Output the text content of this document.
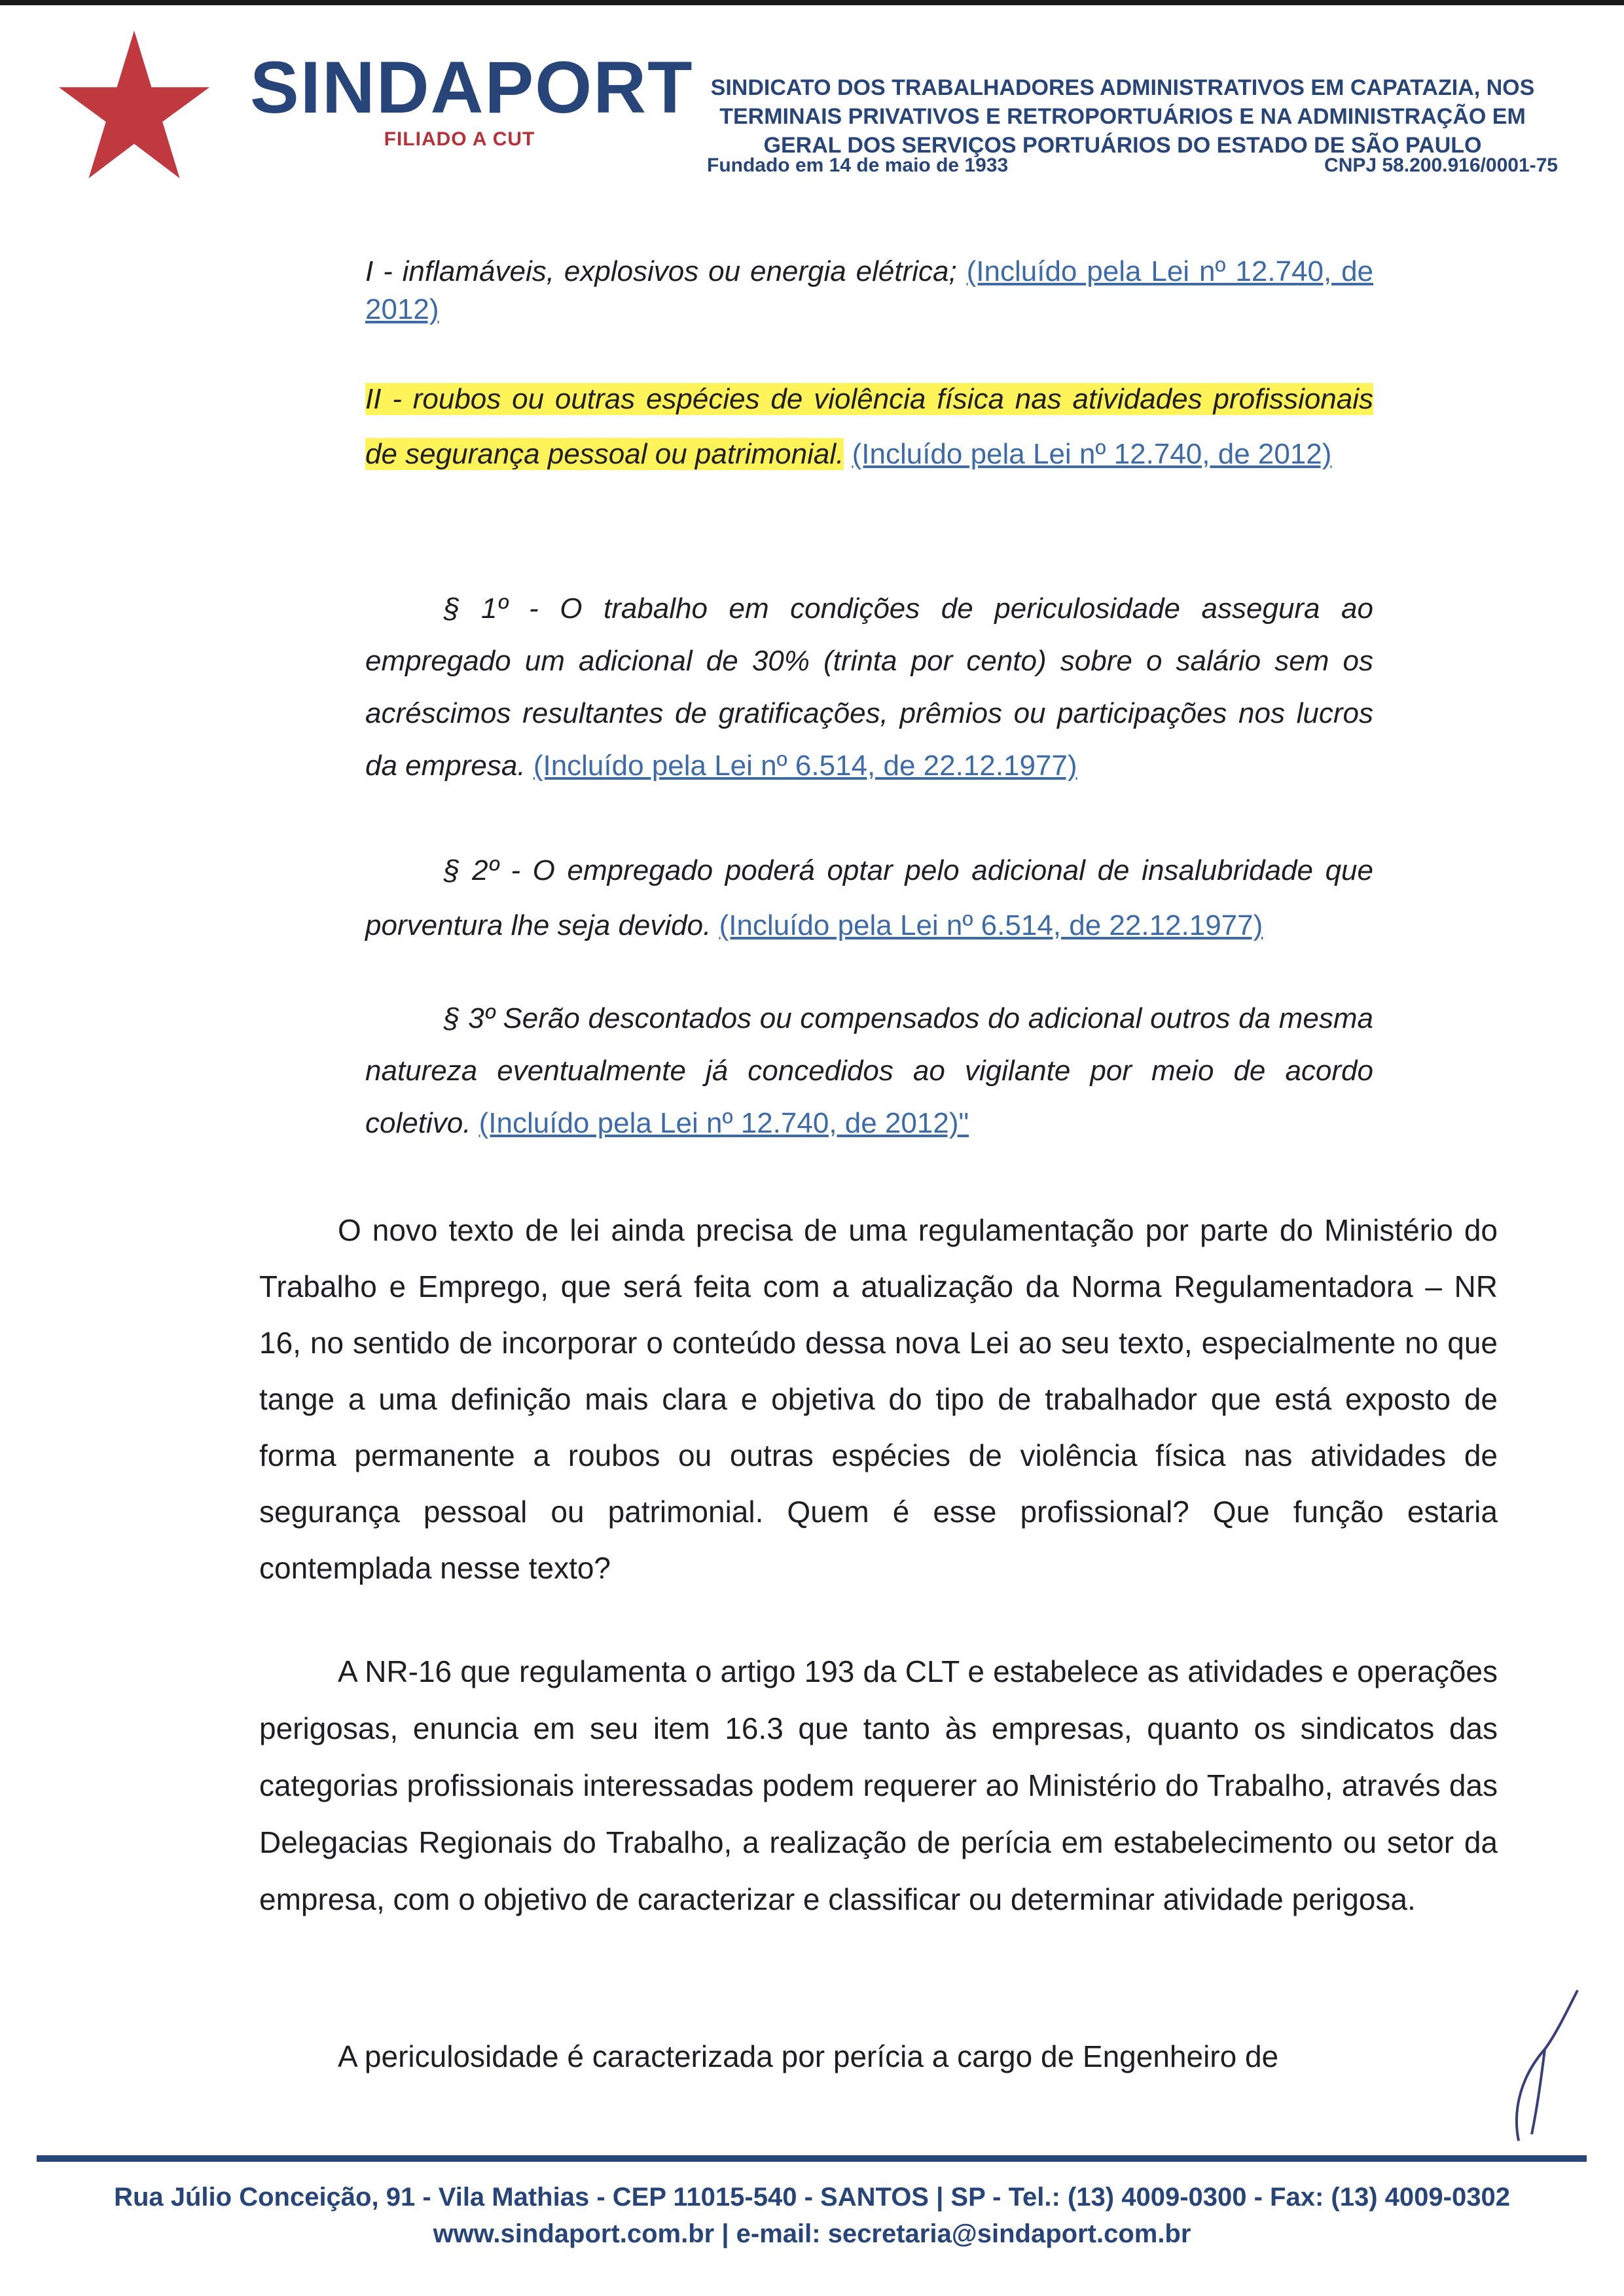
SINDAPORT
FILIADO A CUT
SINDICATO DOS TRABALHADORES ADMINISTRATIVOS EM CAPATAZIA, NOS
TERMINAIS PRIVATIVOS E RETROPORTUÁRIOS E NA ADMINISTRAÇÃO EM
GERAL DOS SERVIÇOS PORTUÁRIOS DO ESTADO DE SÃO PAULO
Fundado em 14 de maio de 1933	CNPJ 58.200.916/0001-75

I - inflamáveis, explosivos ou energia elétrica; (Incluído pela Lei nº 12.740, de 2012)

II - roubos ou outras espécies de violência física nas atividades profissionais de segurança pessoal ou patrimonial. (Incluído pela Lei nº 12.740, de 2012)

§ 1º - O trabalho em condições de periculosidade assegura ao empregado um adicional de 30% (trinta por cento) sobre o salário sem os acréscimos resultantes de gratificações, prêmios ou participações nos lucros da empresa. (Incluído pela Lei nº 6.514, de 22.12.1977)

§ 2º - O empregado poderá optar pelo adicional de insalubridade que porventura lhe seja devido. (Incluído pela Lei nº 6.514, de 22.12.1977)

§ 3º Serão descontados ou compensados do adicional outros da mesma natureza eventualmente já concedidos ao vigilante por meio de acordo coletivo. (Incluído pela Lei nº 12.740, de 2012)"

O novo texto de lei ainda precisa de uma regulamentação por parte do Ministério do Trabalho e Emprego, que será feita com a atualização da Norma Regulamentadora – NR 16, no sentido de incorporar o conteúdo dessa nova Lei ao seu texto, especialmente no que tange a uma definição mais clara e objetiva do tipo de trabalhador que está exposto de forma permanente a roubos ou outras espécies de violência física nas atividades de segurança pessoal ou patrimonial. Quem é esse profissional? Que função estaria contemplada nesse texto?

A NR-16 que regulamenta o artigo 193 da CLT e estabelece as atividades e operações perigosas, enuncia em seu item 16.3 que tanto às empresas, quanto os sindicatos das categorias profissionais interessadas podem requerer ao Ministério do Trabalho, através das Delegacias Regionais do Trabalho, a realização de perícia em estabelecimento ou setor da empresa, com o objetivo de caracterizar e classificar ou determinar atividade perigosa.

A periculosidade é caracterizada por perícia a cargo de Engenheiro de

Rua Júlio Conceição, 91 - Vila Mathias - CEP 11015-540 - SANTOS | SP - Tel.: (13) 4009-0300 - Fax: (13) 4009-0302
www.sindaport.com.br | e-mail: secretaria@sindaport.com.br
